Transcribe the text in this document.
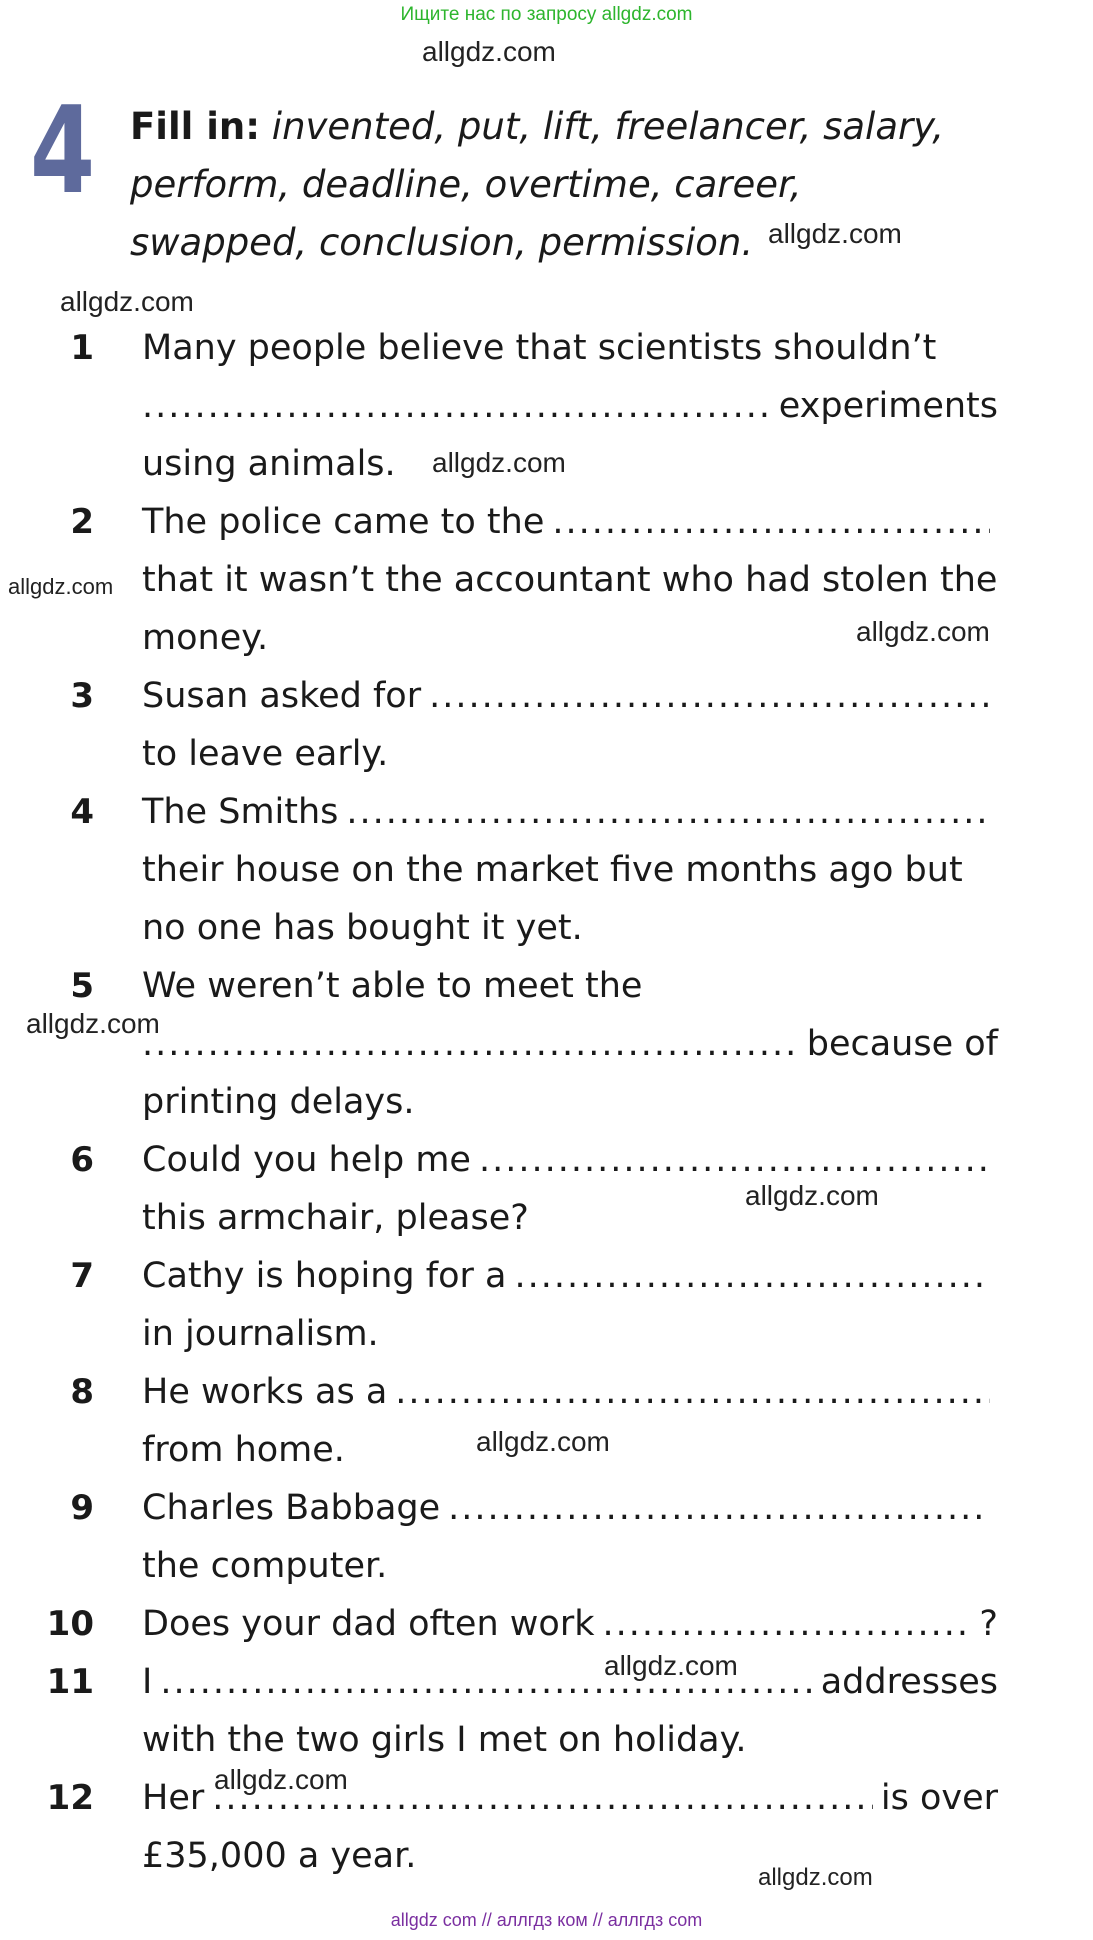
Ищите нас по запросу allgdz.com
allgdz.com
allgdz.com
allgdz.com
allgdz.com
allgdz.com
allgdz.com
allgdz.com
allgdz.com
allgdz.com
allgdz.com
allgdz.com
allgdz.com
4 Fill in: invented, put, lift, freelancer, salary, perform, deadline, overtime, career, swapped, conclusion, permission.
1 Many people believe that scientists shouldn’t
.....
experiments
using animals.
2 The police came to the
.....
that it wasn’t the accountant who had stolen the
money.
3 Susan asked for
.....
to leave early.
4 The Smiths
.....
their house on the market five months ago but
no one has bought it yet.
5 We weren’t able to meet the
.....
because of
printing delays.
6 Could you help me
.....
this armchair, please?
7 Cathy is hoping for a
.....
in journalism.
8 He works as a
.....
from home.
9 Charles Babbage
.....
the computer.
10 Does your dad often work .....	?
11 I .....	addresses
with the two girls I met on holiday.
12 Her .....	is over
£35,000 a year.
allgdz com // аллгдз ком // аллгдз com
